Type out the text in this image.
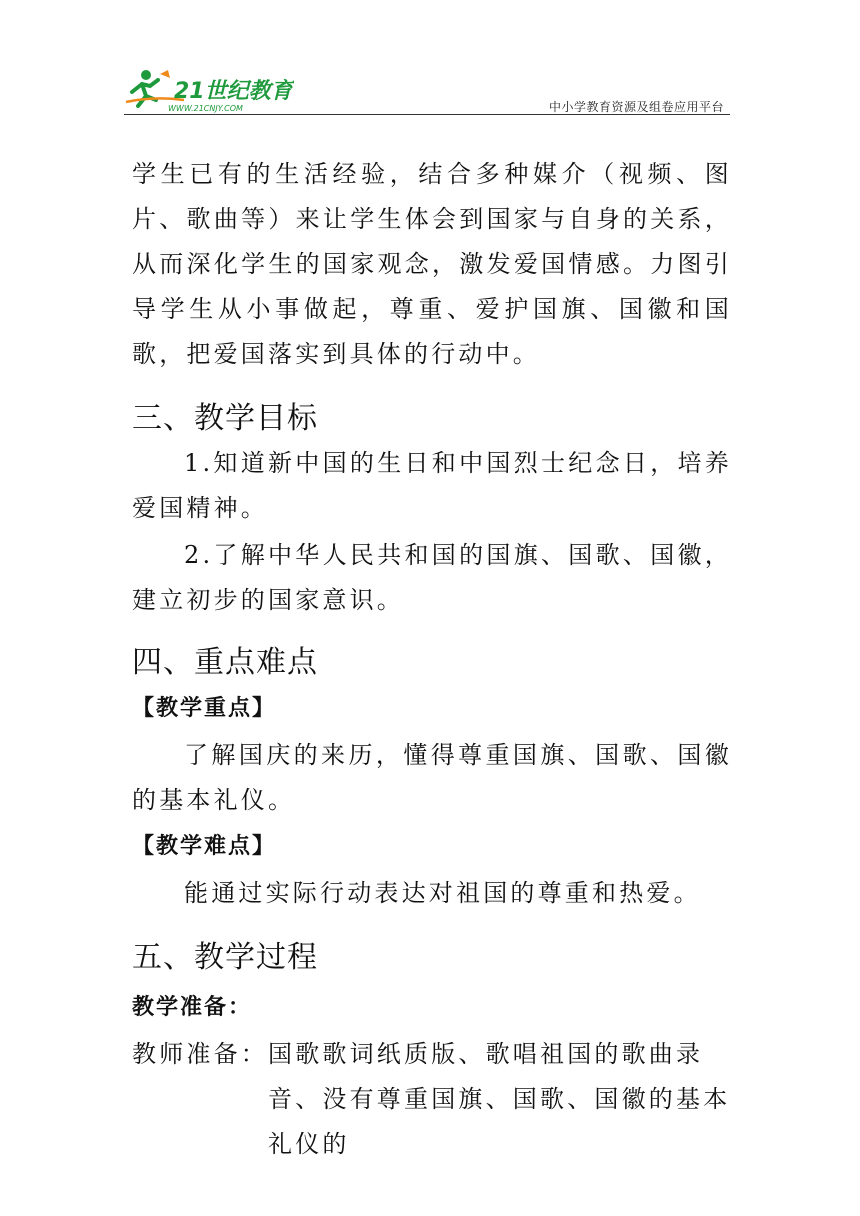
21世纪教育
WWW.21CNJY.COM	中小学教育资源及组卷应用平台

学生已有的生活经验，结合多种媒介（视频、图片、歌曲等）来让学生体会到国家与自身的关系，从而深化学生的国家观念，激发爱国情感。力图引导学生从小事做起，尊重、爱护国旗、国徽和国歌，把爱国落实到具体的行动中。

三、教学目标

1.知道新中国的生日和中国烈士纪念日，培养爱国精神。

2.了解中华人民共和国的国旗、国歌、国徽，建立初步的国家意识。

四、重点难点

【教学重点】

了解国庆的来历，懂得尊重国旗、国歌、国徽的基本礼仪。

【教学难点】

能通过实际行动表达对祖国的尊重和热爱。

五、教学过程

教学准备：

教师准备： 国歌歌词纸质版、歌唱祖国的歌曲录音、没有尊重国旗、国歌、国徽的基本礼仪的
